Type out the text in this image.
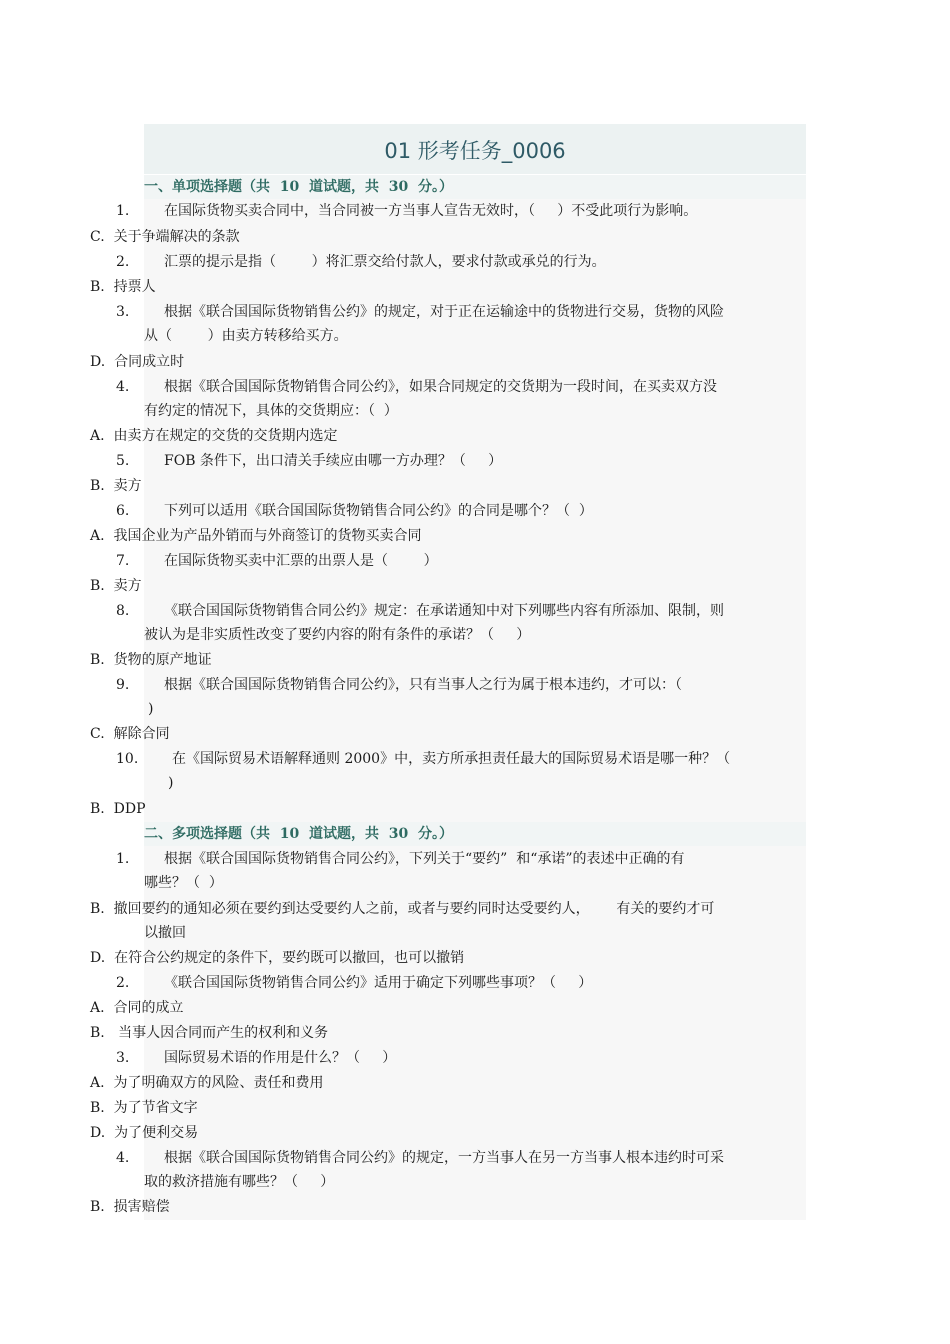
01 形考任务_0006
一、单项选择题（共  10  道试题，共  30  分。）
1. 在国际货物买卖合同中，当合同被一方当事人宣告无效时，（     ）不受此项行为影响。
C.  关于争端解决的条款
2. 汇票的提示是指（        ）将汇票交给付款人，要求付款或承兑的行为。
B.  持票人
3. 根据《联合国国际货物销售公约》的规定，对于正在运输途中的货物进行交易，货物的风险
从（        ）由卖方转移给买方。
D.  合同成立时
4. 根据《联合国国际货物销售合同公约》，如果合同规定的交货期为一段时间，在买卖双方没
有约定的情况下，具体的交货期应：（  ）
A.  由卖方在规定的交货的交货期内选定
5. FOB 条件下，出口清关手续应由哪一方办理？（     ）
B.  卖方
6. 下列可以适用《联合国国际货物销售合同公约》的合同是哪个？（  ）
A.  我国企业为产品外销而与外商签订的货物买卖合同
7. 在国际货物买卖中汇票的出票人是（        ）
B.  卖方
8. 《联合国国际货物销售合同公约》规定：在承诺通知中对下列哪些内容有所添加、限制，则
被认为是非实质性改变了要约内容的附有条件的承诺？（     ）
B.  货物的原产地证
9. 根据《联合国国际货物销售合同公约》，只有当事人之行为属于根本违约，才可以：（
)
C.  解除合同
10. 在《国际贸易术语解释通则 2000》中，卖方所承担责任最大的国际贸易术语是哪一种？（
)
B.  DDP
二、多项选择题（共  10  道试题，共  30  分。）
1. 根据《联合国国际货物销售合同公约》，下列关于“要约”  和“承诺”的表述中正确的有
哪些？（  ）
B.  撤回要约的通知必须在要约到达受要约人之前，或者与要约同时达受要约人，      有关的要约才可
以撤回
D.  在符合公约规定的条件下，要约既可以撤回，也可以撤销
2. 《联合国国际货物销售合同公约》适用于确定下列哪些事项？（     ）
A.  合同的成立
B.   当事人因合同而产生的权利和义务
3. 国际贸易术语的作用是什么？（     ）
A.  为了明确双方的风险、责任和费用
B.  为了节省文字
D.  为了便利交易
4. 根据《联合国国际货物销售合同公约》的规定，一方当事人在另一方当事人根本违约时可采
取的救济措施有哪些？（     ）
B.  损害赔偿
